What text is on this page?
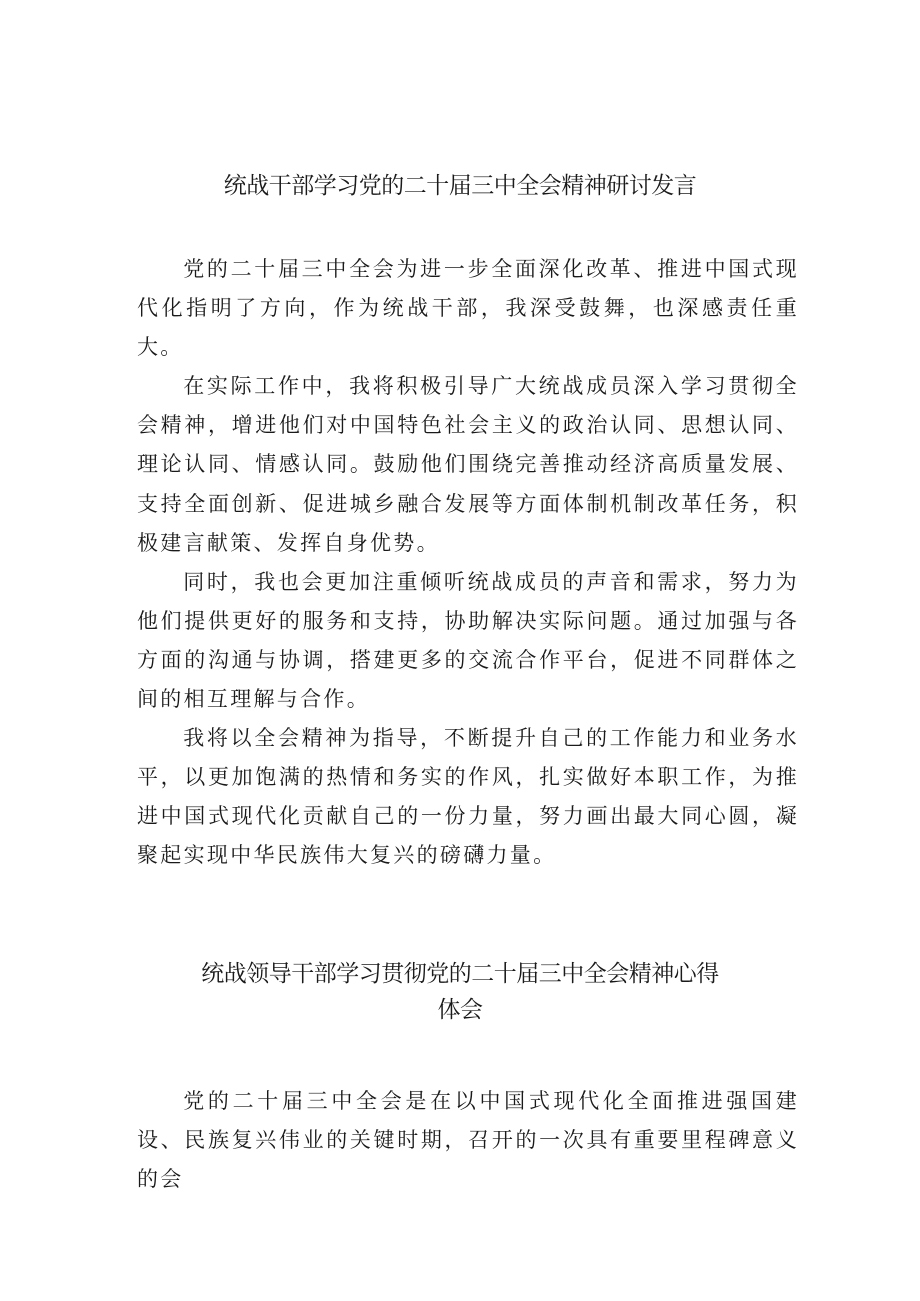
统战干部学习党的二十届三中全会精神研讨发言

党的二十届三中全会为进一步全面深化改革、推进中国式现代化指明了方向，作为统战干部，我深受鼓舞，也深感责任重大。

在实际工作中，我将积极引导广大统战成员深入学习贯彻全会精神，增进他们对中国特色社会主义的政治认同、思想认同、理论认同、情感认同。鼓励他们围绕完善推动经济高质量发展、支持全面创新、促进城乡融合发展等方面体制机制改革任务，积极建言献策、发挥自身优势。

同时，我也会更加注重倾听统战成员的声音和需求，努力为他们提供更好的服务和支持，协助解决实际问题。通过加强与各方面的沟通与协调，搭建更多的交流合作平台，促进不同群体之间的相互理解与合作。

我将以全会精神为指导，不断提升自己的工作能力和业务水平，以更加饱满的热情和务实的作风，扎实做好本职工作，为推进中国式现代化贡献自己的一份力量，努力画出最大同心圆，凝聚起实现中华民族伟大复兴的磅礴力量。

统战领导干部学习贯彻党的二十届三中全会精神心得
体会

党的二十届三中全会是在以中国式现代化全面推进强国建设、民族复兴伟业的关键时期，召开的一次具有重要里程碑意义的会
